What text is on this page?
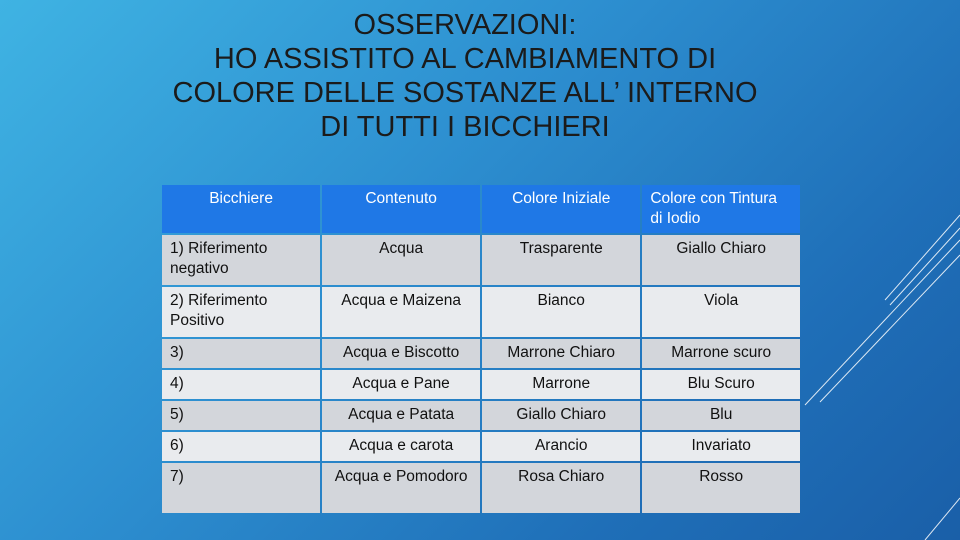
OSSERVAZIONI:
HO ASSISTITO AL CAMBIAMENTO DI
COLORE DELLE SOSTANZE ALL’ INTERNO
DI TUTTI I BICCHIERI
Bicchiere	Contenuto	Colore Iniziale	Colore con Tintura di Iodio
1) Riferimento negativo	Acqua	Trasparente	Giallo Chiaro
2) Riferimento Positivo	Acqua e Maizena	Bianco	Viola
3)	Acqua e Biscotto	Marrone Chiaro	Marrone scuro
4)	Acqua e Pane	Marrone	Blu Scuro
5)	Acqua e Patata	Giallo Chiaro	Blu
6)	Acqua e carota	Arancio	Invariato
7)	Acqua e Pomodoro	Rosa Chiaro	Rosso
